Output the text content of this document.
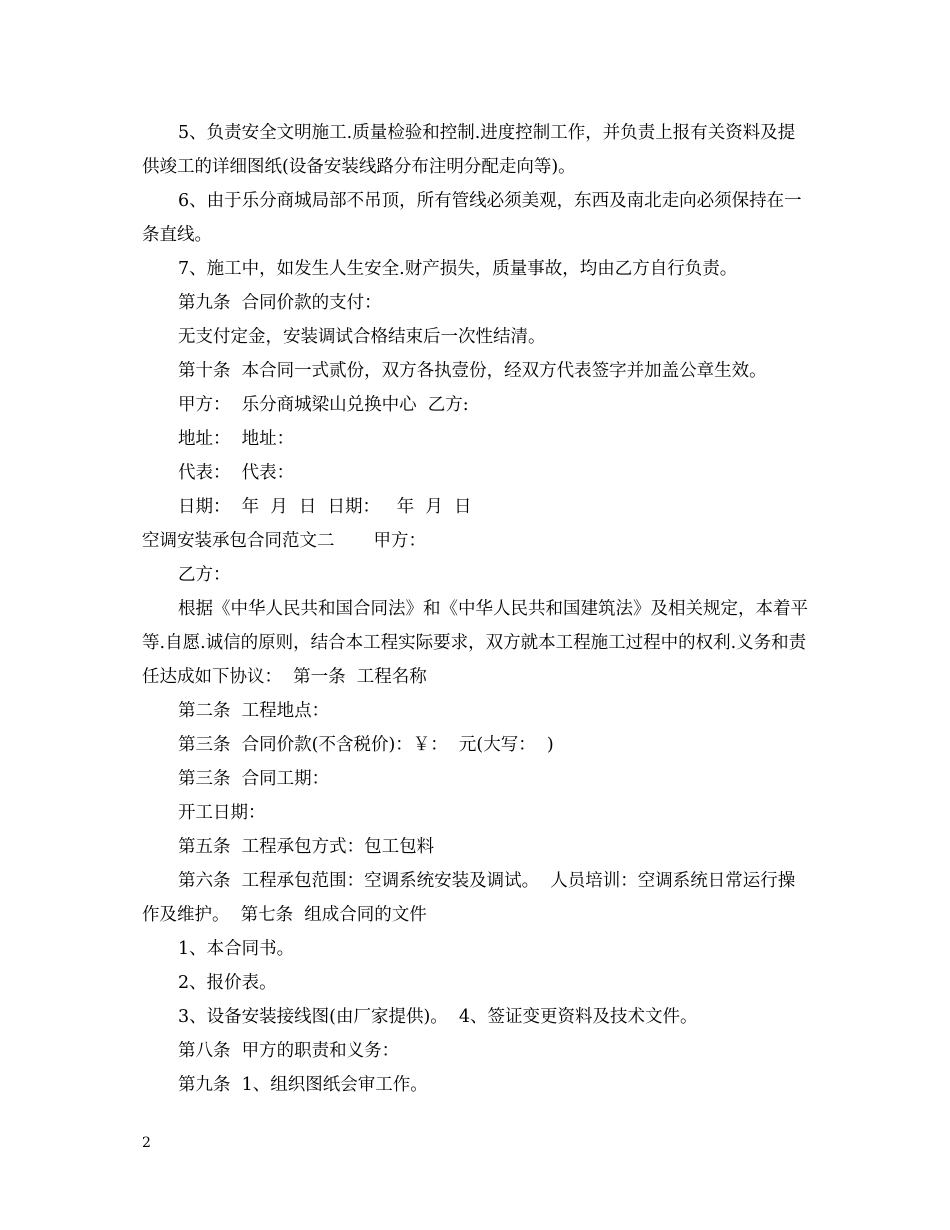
5、负责安全文明施工.质量检验和控制.进度控制工作，并负责上报有关资料及提供竣工的详细图纸(设备安装线路分布注明分配走向等)。

6、由于乐分商城局部不吊顶，所有管线必须美观，东西及南北走向必须保持在一条直线。

7、施工中，如发生人生安全.财产损失，质量事故，均由乙方自行负责。

第九条  合同价款的支付：

无支付定金，安装调试合格结束后一次性结清。

第十条  本合同一式贰份，双方各执壹份，经双方代表签字并加盖公章生效。

甲方：  乐分商城梁山兑换中心  乙方:

地址：  地址：

代表：  代表：

日期：  年  月  日  日期：   年  月  日

空调安装承包合同范文二       甲方：

乙方：

根据《中华人民共和国合同法》和《中华人民共和国建筑法》及相关规定，本着平等.自愿.诚信的原则，结合本工程实际要求，双方就本工程施工过程中的权利.义务和责任达成如下协议：  第一条  工程名称

第二条  工程地点：

第三条  合同价款(不含税价)：￥：  元(大写：  )

第三条  合同工期：

开工日期：

第五条  工程承包方式：包工包料

第六条  工程承包范围：空调系统安装及调试。  人员培训：空调系统日常运行操作及维护。  第七条  组成合同的文件

1、本合同书。

2、报价表。

3、设备安装接线图(由厂家提供)。  4、签证变更资料及技术文件。

第八条  甲方的职责和义务：

第九条  1、组织图纸会审工作。

2
